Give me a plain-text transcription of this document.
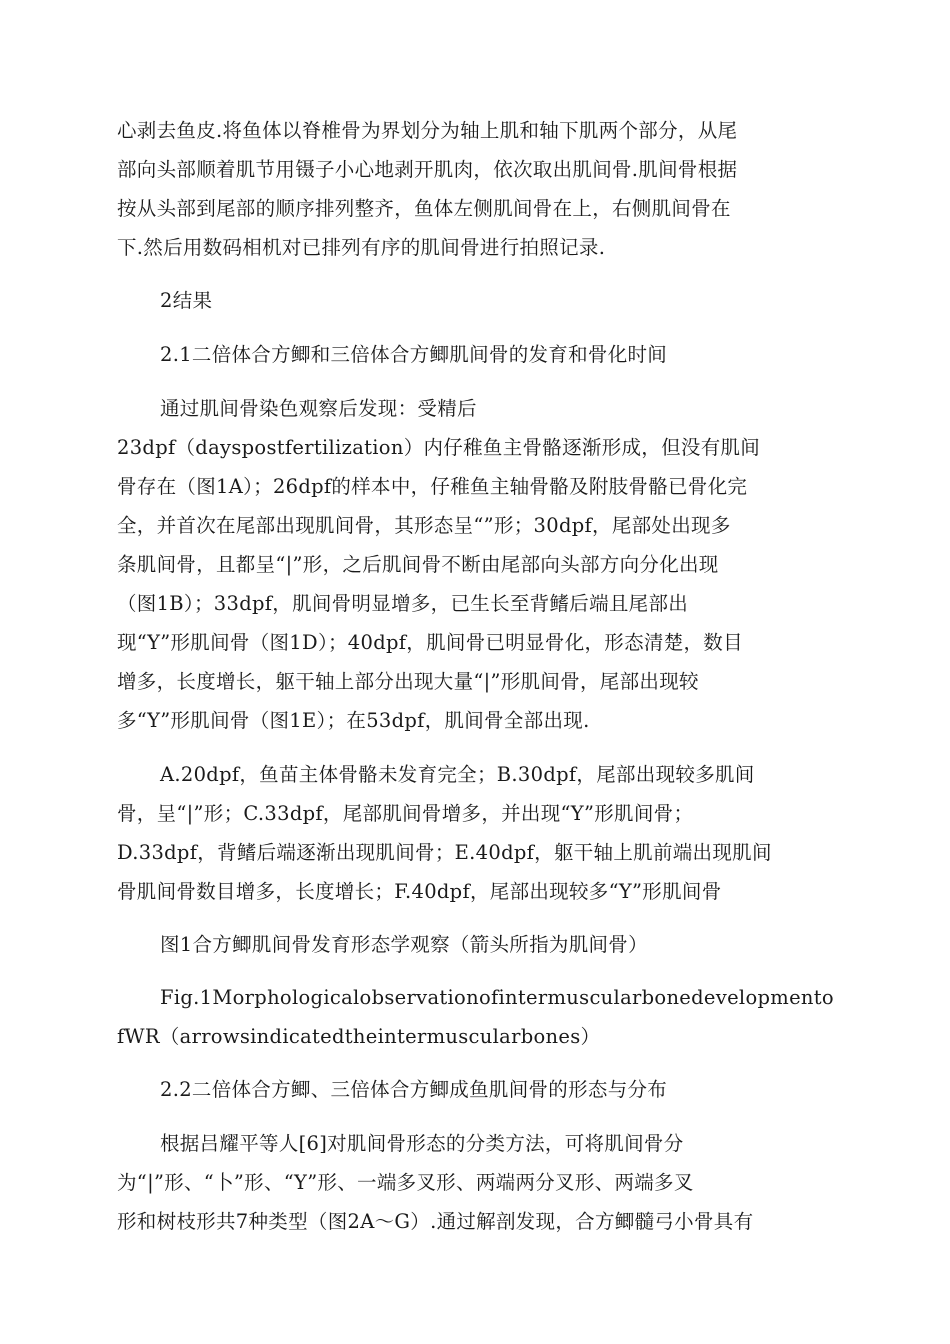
心剥去鱼皮.将鱼体以脊椎骨为界划分为轴上肌和轴下肌两个部分，从尾
部向头部顺着肌节用镊子小心地剥开肌肉，依次取出肌间骨.肌间骨根据
按从头部到尾部的顺序排列整齐，鱼体左侧肌间骨在上，右侧肌间骨在
下.然后用数码相机对已排列有序的肌间骨进行拍照记录.
2结果
2.1二倍体合方鲫和三倍体合方鲫肌间骨的发育和骨化时间
通过肌间骨染色观察后发现：受精后
23dpf（dayspostfertilization）内仔稚鱼主骨骼逐渐形成，但没有肌间
骨存在（图1A）；26dpf的样本中，仔稚鱼主轴骨骼及附肢骨骼已骨化完
全，并首次在尾部出现肌间骨，其形态呈“”形；30dpf，尾部处出现多
条肌间骨，且都呈“|”形，之后肌间骨不断由尾部向头部方向分化出现
（图1B）；33dpf，肌间骨明显增多，已生长至背鳍后端且尾部出
现“Y”形肌间骨（图1D）；40dpf，肌间骨已明显骨化，形态清楚，数目
增多，长度增长，躯干轴上部分出现大量“|”形肌间骨，尾部出现较
多“Y”形肌间骨（图1E）；在53dpf，肌间骨全部出现.
A.20dpf，鱼苗主体骨骼未发育完全；B.30dpf，尾部出现较多肌间
骨，呈“|”形；C.33dpf，尾部肌间骨增多，并出现“Y”形肌间骨；
D.33dpf，背鳍后端逐渐出现肌间骨；E.40dpf，躯干轴上肌前端出现肌间
骨肌间骨数目增多，长度增长；F.40dpf，尾部出现较多“Y”形肌间骨
图1合方鲫肌间骨发育形态学观察（箭头所指为肌间骨）
Fig.1Morphologicalobservationofintermuscularbonedevelopmento
fWR（arrowsindicatedtheintermuscularbones）
2.2二倍体合方鲫、三倍体合方鲫成鱼肌间骨的形态与分布
根据吕耀平等人[6]对肌间骨形态的分类方法，可将肌间骨分
为“|”形、“卜”形、“Y”形、一端多叉形、两端两分叉形、两端多叉
形和树枝形共7种类型（图2A～G）.通过解剖发现，合方鲫髓弓小骨具有
